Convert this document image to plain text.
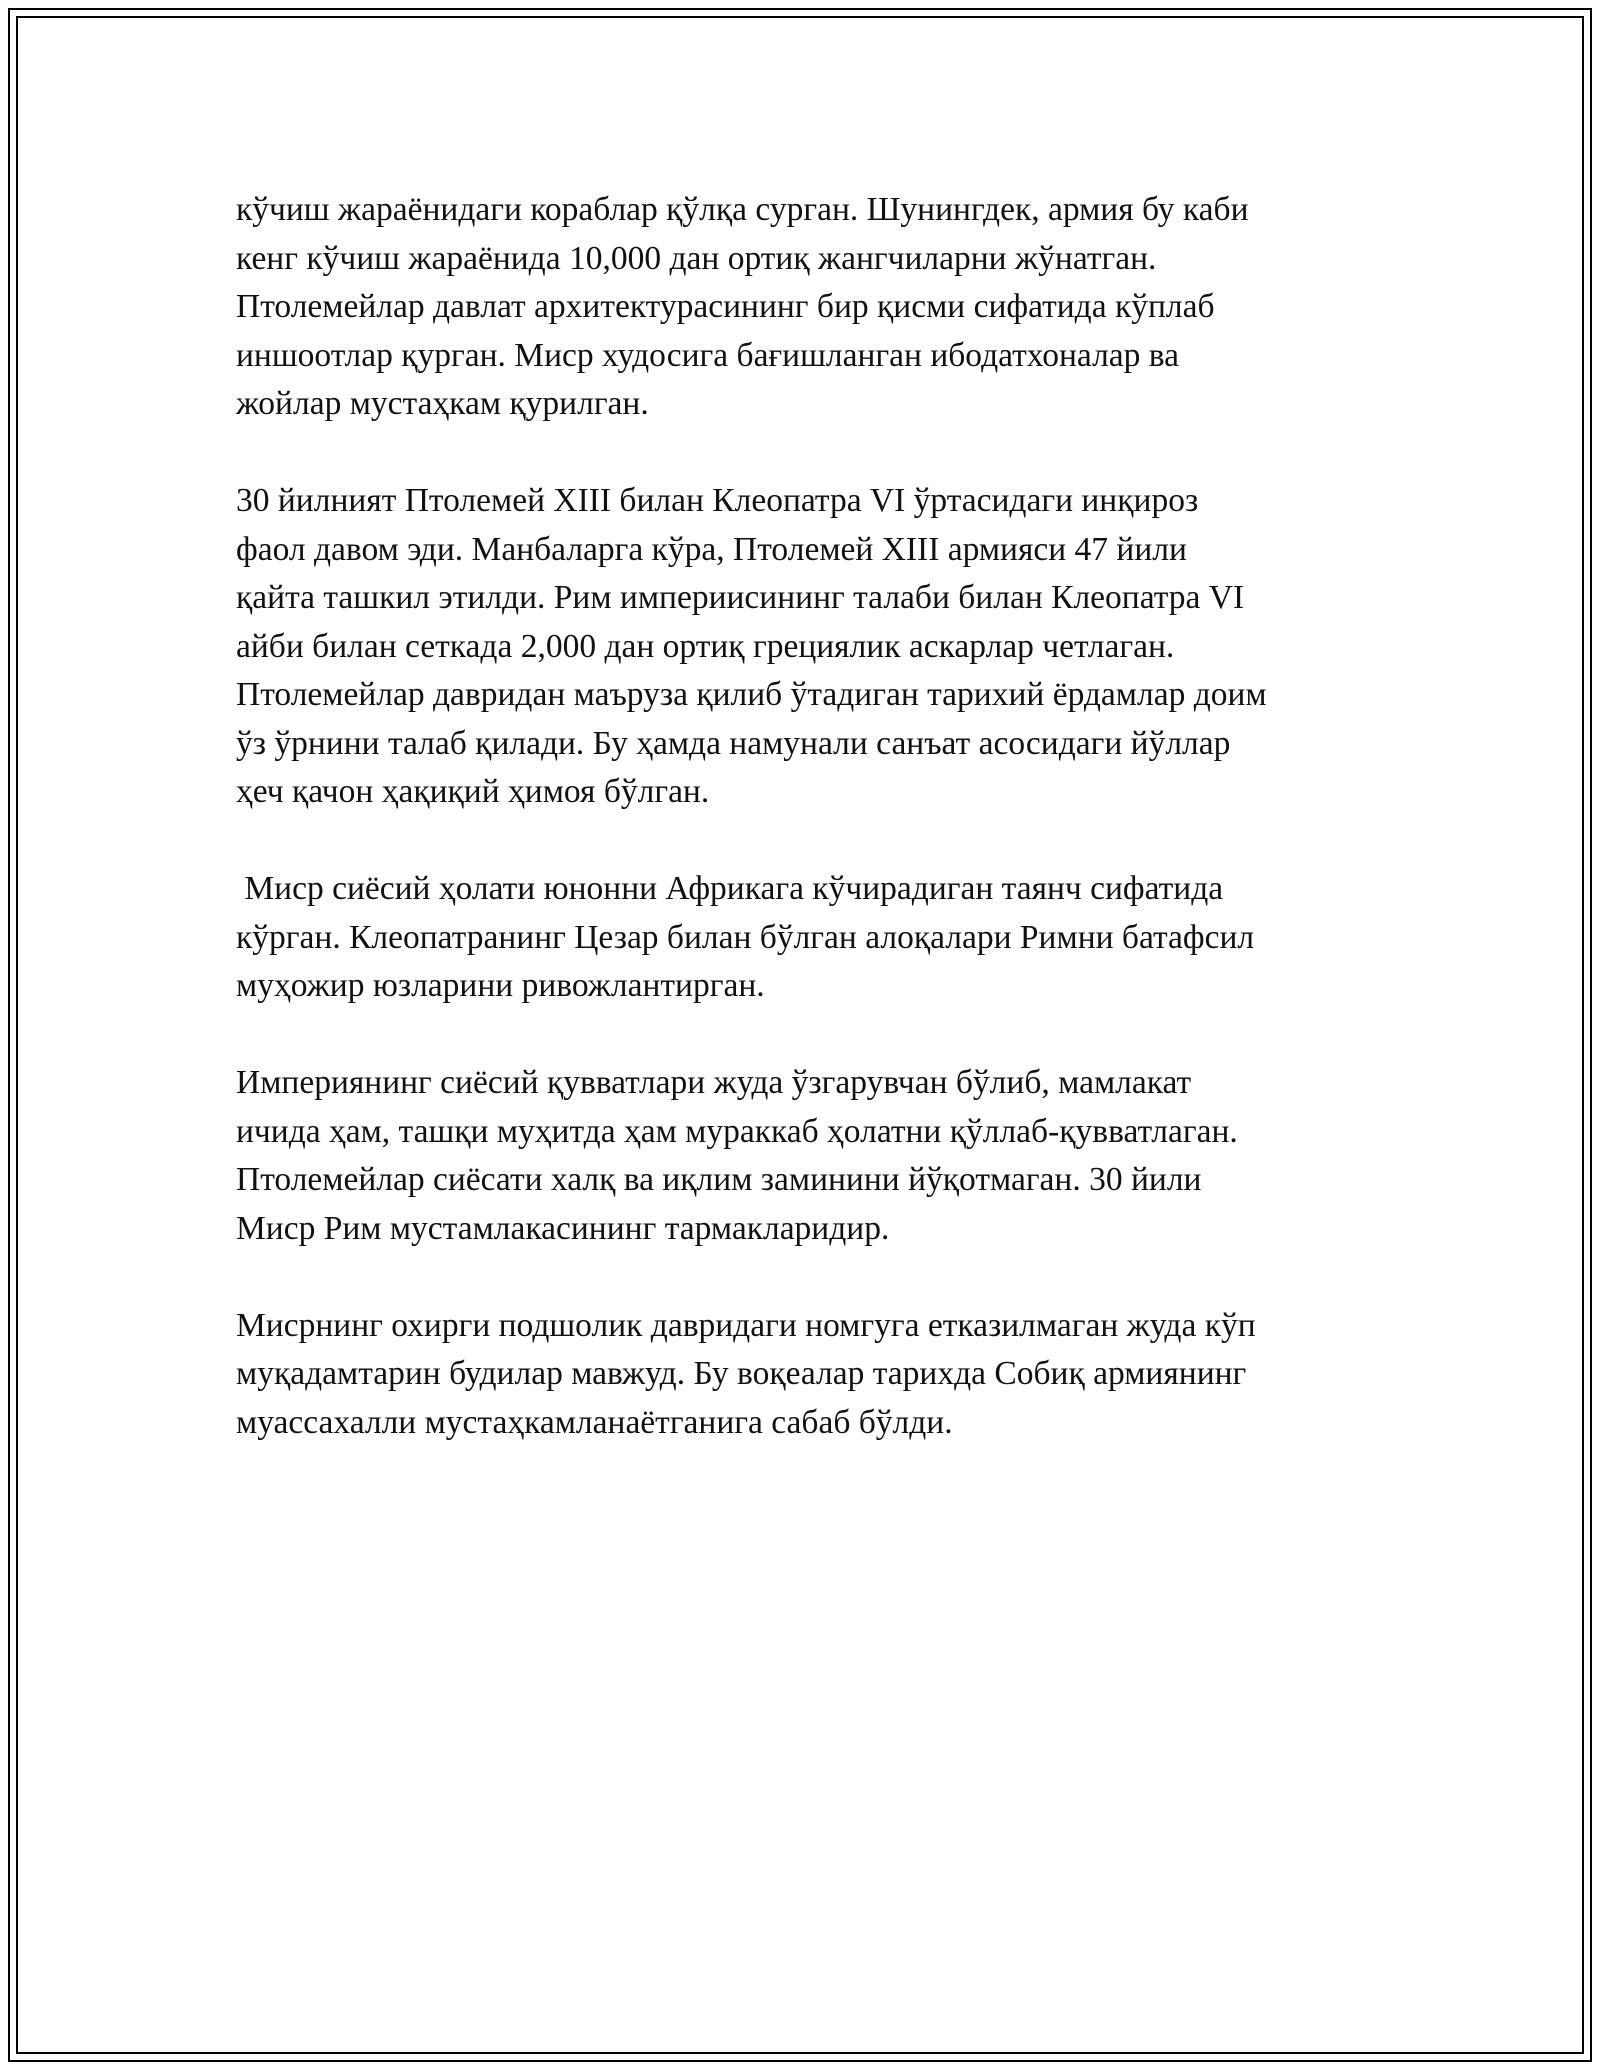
кўчиш жараёнидаги кораблар қўлқа сурган. Шунингдек, армия бу каби
кенг кўчиш жараёнида 10,000 дан ортиқ жангчиларни жўнатган.
Птолемейлар давлат архитектурасининг бир қисми сифатида кўплаб
иншоотлар қурган. Миср худосига бағишланган ибодатхоналар ва
жойлар мустаҳкам қурилган.
30 йилният Птолемей XIII билан Клеопатра VI ўртасидаги инқироз
фаол давом эди. Манбаларга кўра, Птолемей XIII армияси 47 йили
қайта ташкил этилди. Рим империисининг талаби билан Клеопатра VI
айби билан сеткада 2,000 дан ортиқ грециялик аскарлар четлаган.
Птолемейлар давридан маъруза қилиб ўтадиган тарихий ёрдамлар доим
ўз ўрнини талаб қилади. Бу ҳамда намунали санъат асосидаги йўллар
ҳеч қачон ҳақиқий ҳимоя бўлган.
Миср сиёсий ҳолати юнонни Африкага кўчирадиган таянч сифатида
кўрган. Клеопатранинг Цезар билан бўлган алоқалари Римни батафсил
муҳожир юзларини ривожлантирган.
Империянинг сиёсий қувватлари жуда ўзгарувчан бўлиб, мамлакат
ичида ҳам, ташқи муҳитда ҳам мураккаб ҳолатни қўллаб-қувватлаган.
Птолемейлар сиёсати халқ ва иқлим заминини йўқотмаган. 30 йили
Миср Рим мустамлакасининг тармакларидир.
Мисрнинг охирги подшолик давридаги номгуга етказилмаган жуда кўп
муқадамтарин будилар мавжуд. Бу воқеалар тарихда Собиқ армиянинг
муассахалли мустаҳкамланаётганига сабаб бўлди.
